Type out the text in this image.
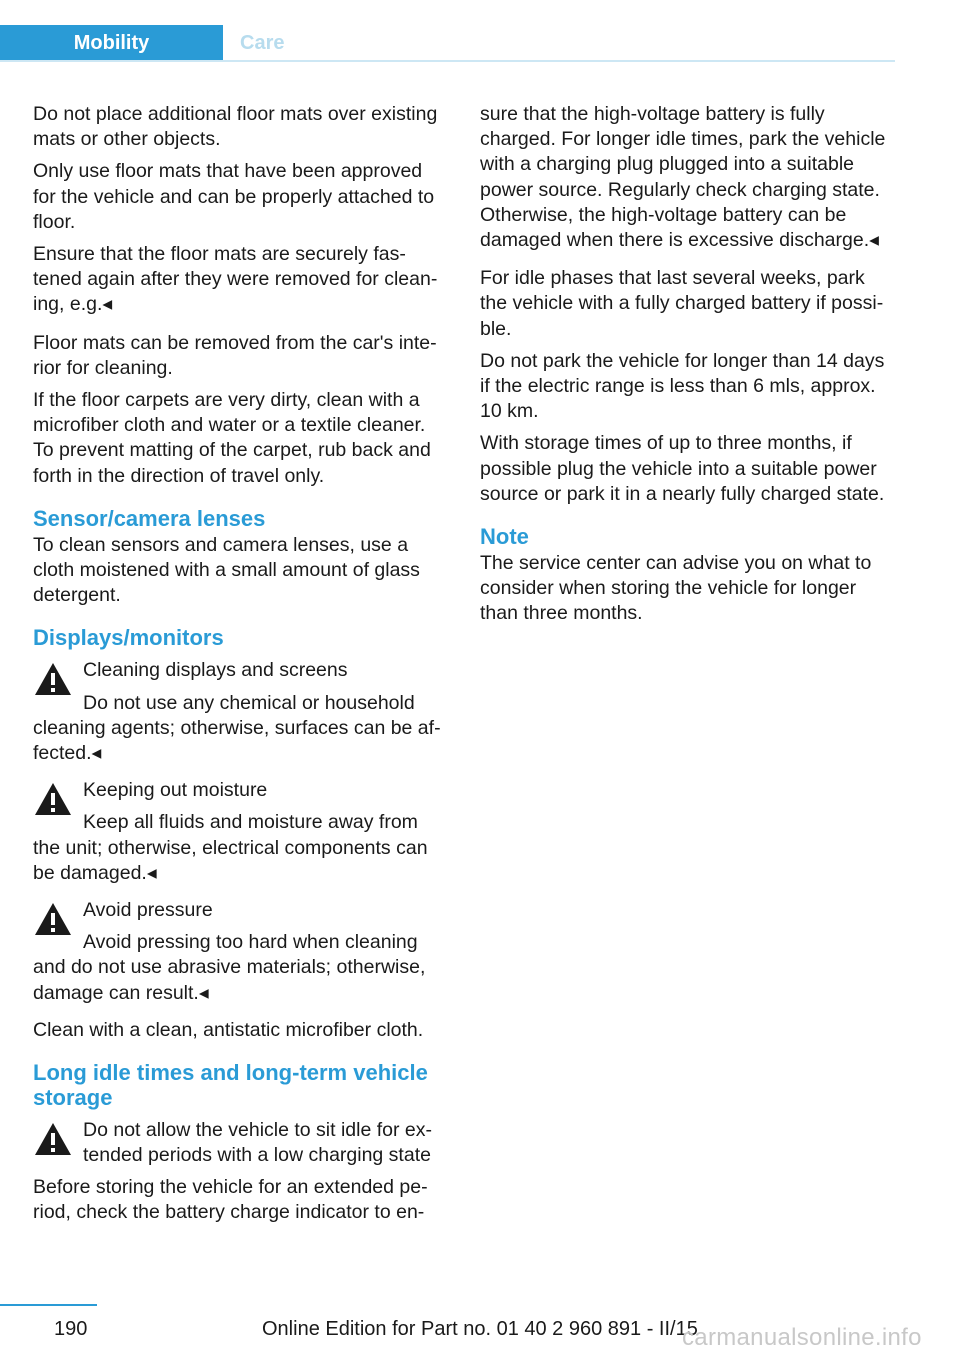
Mobility	Care

Do not place additional floor mats over existing mats or other objects.

Only use floor mats that have been approved for the vehicle and can be properly attached to floor.

Ensure that the floor mats are securely fas‐tened again after they were removed for clean‐ing, e.g.◂

Floor mats can be removed from the car's inte‐rior for cleaning.

If the floor carpets are very dirty, clean with a microfiber cloth and water or a textile cleaner. To prevent matting of the carpet, rub back and forth in the direction of travel only.

Sensor/camera lenses

To clean sensors and camera lenses, use a cloth moistened with a small amount of glass detergent.

Displays/monitors

Cleaning displays and screens

Do not use any chemical or household cleaning agents; otherwise, surfaces can be af‐fected.◂

Keeping out moisture

Keep all fluids and moisture away from the unit; otherwise, electrical components can be damaged.◂

Avoid pressure

Avoid pressing too hard when cleaning and do not use abrasive materials; otherwise, damage can result.◂

Clean with a clean, antistatic microfiber cloth.

Long idle times and long-term vehicle storage

Do not allow the vehicle to sit idle for ex‐tended periods with a low charging state

Before storing the vehicle for an extended pe‐riod, check the battery charge indicator to en‐

sure that the high-voltage battery is fully charged. For longer idle times, park the vehicle with a charging plug plugged into a suitable power source. Regularly check charging state. Otherwise, the high-voltage battery can be damaged when there is excessive discharge.◂

For idle phases that last several weeks, park the vehicle with a fully charged battery if possi‐ble.

Do not park the vehicle for longer than 14 days if the electric range is less than 6 mls, approx. 10 km.

With storage times of up to three months, if possible plug the vehicle into a suitable power source or park it in a nearly fully charged state.

Note

The service center can advise you on what to consider when storing the vehicle for longer than three months.

190	Online Edition for Part no. 01 40 2 960 891 - II/15
carmanualsonline.info
